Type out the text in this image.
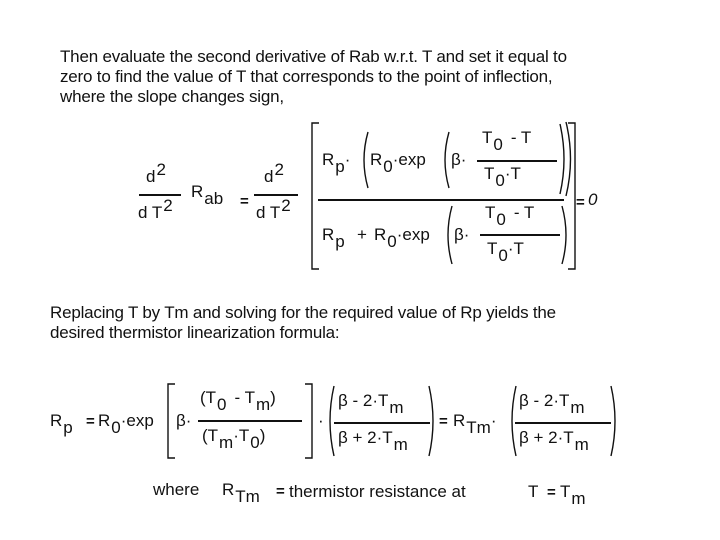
Then evaluate the second derivative of Rab w.r.t. T and set it equal to
zero to find the value of T that corresponds to the point of inflection,
where the slope changes sign,
d2
d T2
Rab =
d2
d T2
Rp· R0·exp β·
T0 - T
T0·T
Rp + R0·exp β·
T0 - T
T0·T
= 0
Replacing T by Tm and solving for the required value of Rp yields the
desired thermistor linearization formula:
Rp = R0·exp β·
(T0 - Tm)
(Tm·T0)
·
β - 2·Tm
β + 2·Tm
= RTm·
β - 2·Tm
β + 2·Tm
where RTm = thermistor resistance at	T = Tm
